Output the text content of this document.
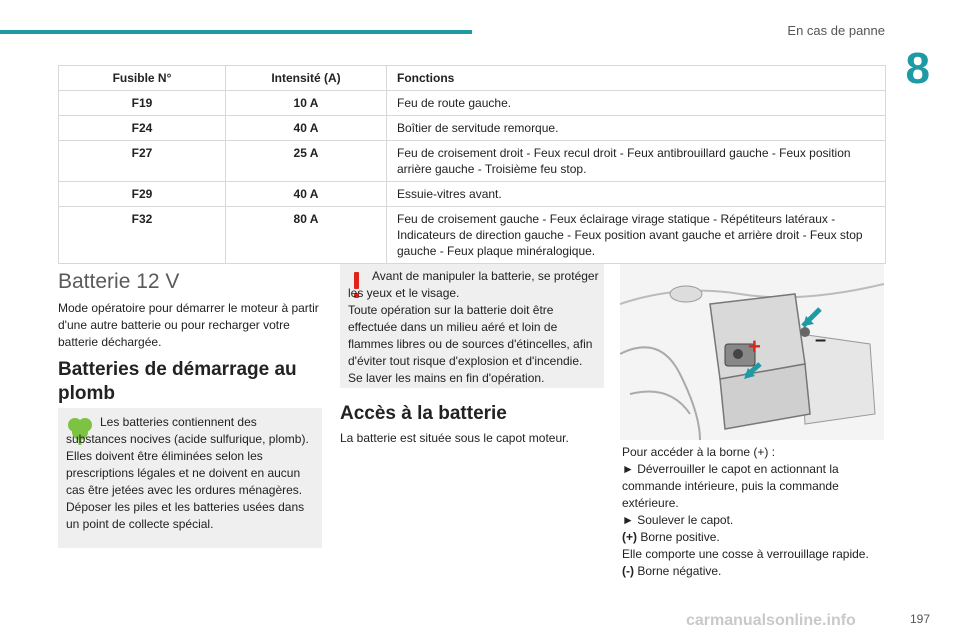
En cas de panne
8
Fusible N°	Intensité (A)	Fonctions
F19	10 A	Feu de route gauche.
F24	40 A	Boîtier de servitude remorque.
F27	25 A	Feu de croisement droit - Feux recul droit - Feux antibrouillard gauche - Feux position arrière gauche - Troisième feu stop.
F29	40 A	Essuie-vitres avant.
F32	80 A	Feu de croisement gauche - Feux éclairage virage statique - Répétiteurs latéraux - Indicateurs de direction gauche - Feux position avant gauche et arrière droit - Feux stop gauche - Feux plaque minéralogique.
Batterie 12 V
Mode opératoire pour démarrer le moteur à partir d'une autre batterie ou pour recharger votre batterie déchargée.
Batteries de démarrage au plomb
Les batteries contiennent des substances nocives (acide sulfurique, plomb).
Elles doivent être éliminées selon les prescriptions légales et ne doivent en aucun cas être jetées avec les ordures ménagères.
Déposer les piles et les batteries usées dans un point de collecte spécial.
Avant de manipuler la batterie, se protéger les yeux et le visage.
Toute opération sur la batterie doit être effectuée dans un milieu aéré et loin de flammes libres ou de sources d'étincelles, afin d'éviter tout risque d'explosion et d'incendie.
Se laver les mains en fin d'opération.
Accès à la batterie
La batterie est située sous le capot moteur.
+	–
Pour accéder à la borne (+) :
► Déverrouiller le capot en actionnant la commande intérieure, puis la commande extérieure.
► Soulever le capot.
(+) Borne positive.
Elle comporte une cosse à verrouillage rapide.
(-) Borne négative.
carmanualsonline.info	197
